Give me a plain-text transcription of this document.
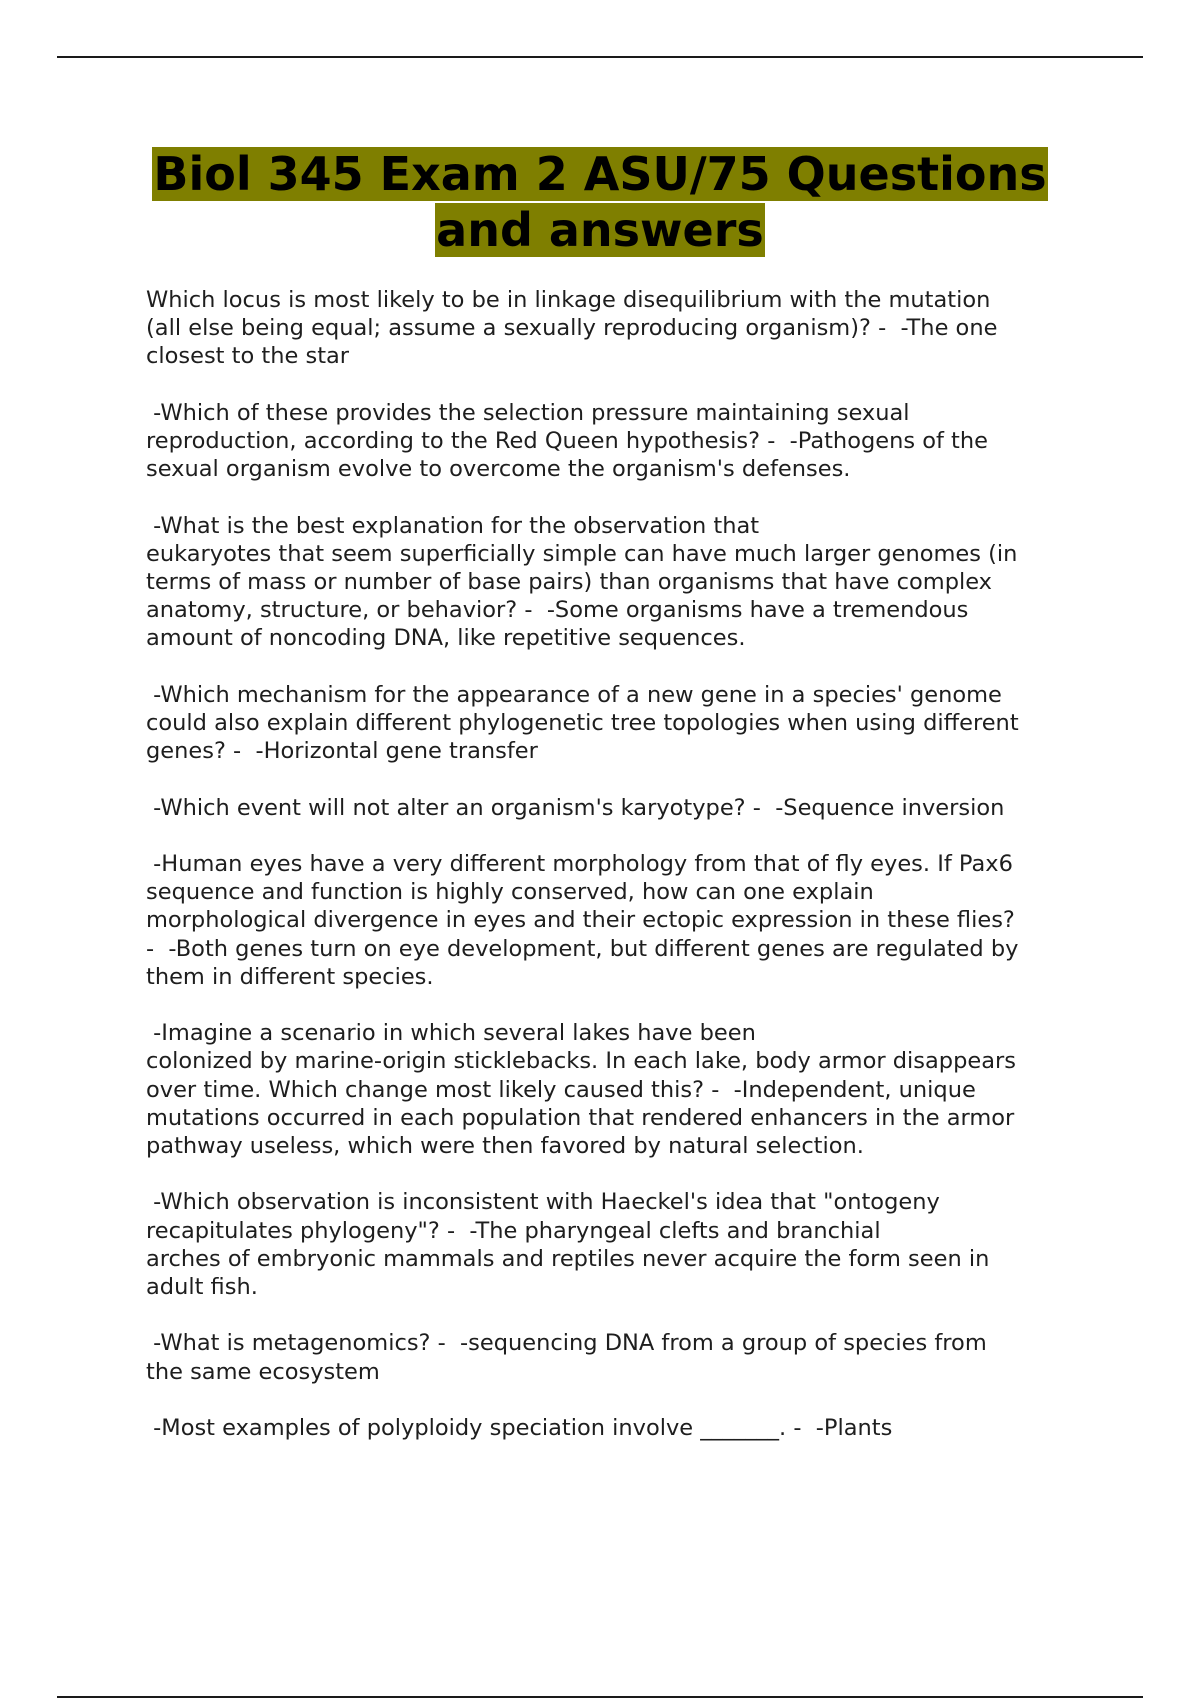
Biol 345 Exam 2 ASU/75 Questions
and answers

Which locus is most likely to be in linkage disequilibrium with the mutation
(all else being equal; assume a sexually reproducing organism)? -  -The one
closest to the star

-Which of these provides the selection pressure maintaining sexual
reproduction, according to the Red Queen hypothesis? -  -Pathogens of the
sexual organism evolve to overcome the organism's defenses.

-What is the best explanation for the observation that
eukaryotes that seem superficially simple can have much larger genomes (in
terms of mass or number of base pairs) than organisms that have complex
anatomy, structure, or behavior? -  -Some organisms have a tremendous
amount of noncoding DNA, like repetitive sequences.

-Which mechanism for the appearance of a new gene in a species' genome
could also explain different phylogenetic tree topologies when using different
genes? -  -Horizontal gene transfer

-Which event will not alter an organism's karyotype? -  -Sequence inversion

-Human eyes have a very different morphology from that of fly eyes. If Pax6
sequence and function is highly conserved, how can one explain
morphological divergence in eyes and their ectopic expression in these flies?
-  -Both genes turn on eye development, but different genes are regulated by
them in different species.

-Imagine a scenario in which several lakes have been
colonized by marine-origin sticklebacks. In each lake, body armor disappears
over time. Which change most likely caused this? -  -Independent, unique
mutations occurred in each population that rendered enhancers in the armor
pathway useless, which were then favored by natural selection.

-Which observation is inconsistent with Haeckel's idea that "ontogeny
recapitulates phylogeny"? -  -The pharyngeal clefts and branchial
arches of embryonic mammals and reptiles never acquire the form seen in
adult fish.

-What is metagenomics? -  -sequencing DNA from a group of species from
the same ecosystem

-Most examples of polyploidy speciation involve _______. -  -Plants
